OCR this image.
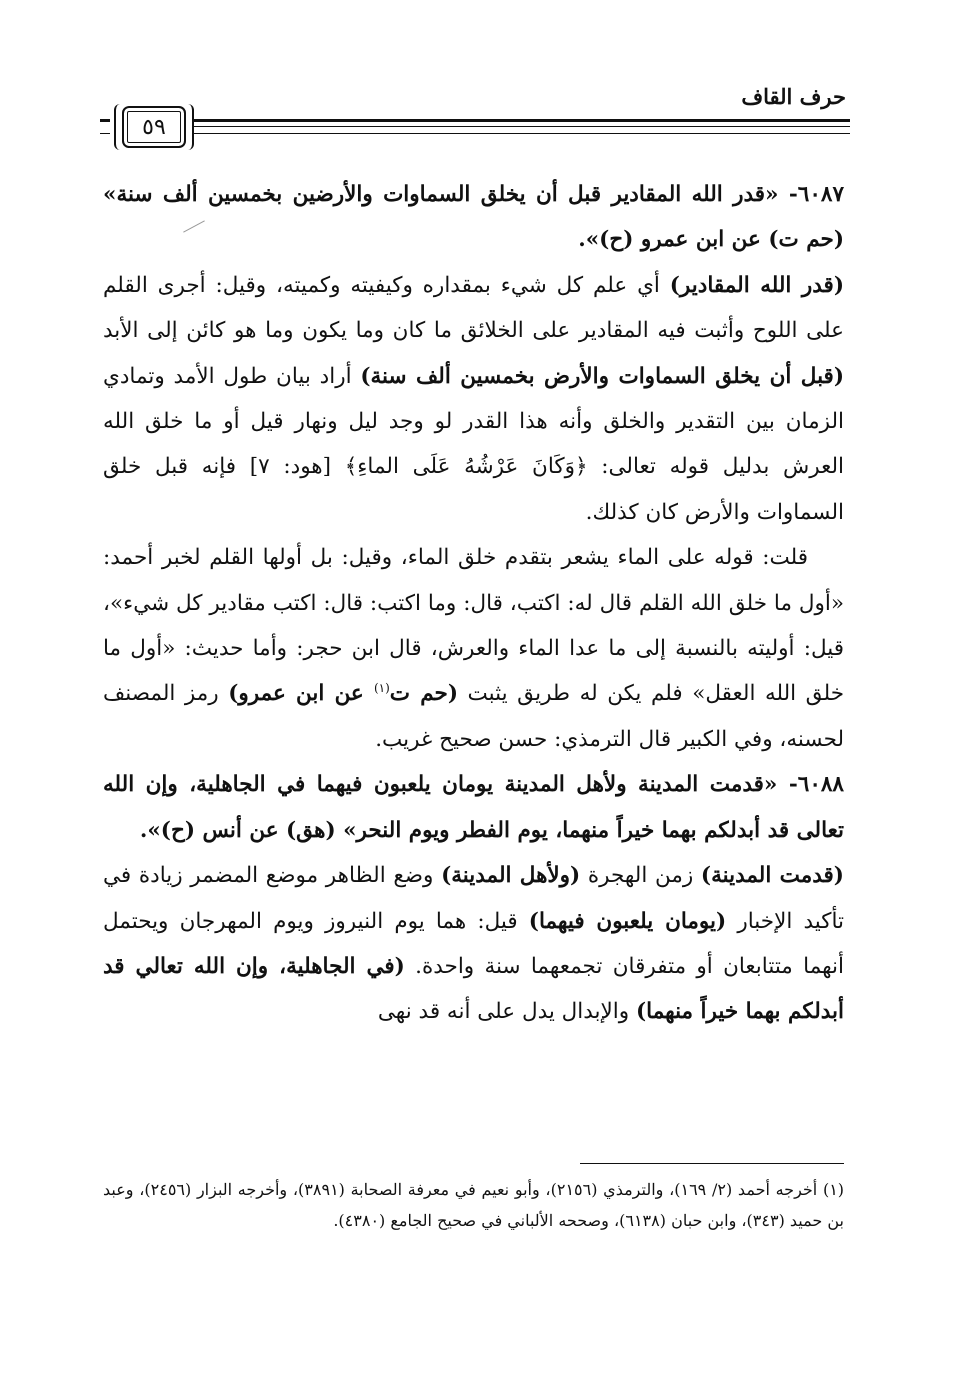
حرف القاف
٥٩

٦٠٨٧- «قدر الله المقادير قبل أن يخلق السماوات والأرضين بخمسين ألف سنة» (حم ت) عن ابن عمرو (ح)».

(قدر الله المقادير) أي علم كل شيء بمقداره وكيفيته وكميته، وقيل: أجرى القلم على اللوح وأثبت فيه المقادير على الخلائق ما كان وما يكون وما هو كائن إلى الأبد (قبل أن يخلق السماوات والأرض بخمسين ألف سنة) أراد بيان طول الأمد وتمادي الزمان بين التقدير والخلق وأنه هذا القدر لو وجد ليل ونهار قيل أو ما خلق الله العرش بدليل قوله تعالى: ﴿وَكَانَ عَرْشُهُ عَلَى الماءِ﴾ [هود: ٧] فإنه قبل خلق السماوات والأرض كان كذلك.

قلت: قوله على الماء يشعر بتقدم خلق الماء، وقيل: بل أولها القلم لخبر أحمد: «أول ما خلق الله القلم قال له: اكتب، قال: وما اكتب: قال: اكتب مقادير كل شيء»، قيل: أوليته بالنسبة إلى ما عدا الماء والعرش، قال ابن حجر: وأما حديث: «أول ما خلق الله العقل» فلم يكن له طريق يثبت (حم ت$^{(١)}$ عن ابن عمرو) رمز المصنف لحسنه، وفي الكبير قال الترمذي: حسن صحيح غريب.

٦٠٨٨- «قدمت المدينة ولأهل المدينة يومان يلعبون فيهما في الجاهلية، وإن الله تعالى قد أبدلكم بهما خيراً منهما، يوم الفطر ويوم النحر» (هق) عن أنس (ح)».

(قدمت المدينة) زمن الهجرة (ولأهل المدينة) وضع الظاهر موضع المضمر زيادة في تأكيد الإخبار (يومان يلعبون فيهما) قيل: هما يوم النيروز ويوم المهرجان ويحتمل أنهما متتابعان أو متفرقان تجمعهما سنة واحدة. (في الجاهلية، وإن الله تعالي قد أبدلكم بهما خيراً منهما) والإبدال يدل على أنه قد نهى

(١) أخرجه أحمد (٢/ ١٦٩)، والترمذي (٢١٥٦)، وأبو نعيم في معرفة الصحابة (٣٨٩١)، وأخرجه البزار (٢٤٥٦)، وعبد بن حميد (٣٤٣)، وابن حبان (٦١٣٨)، وصححه الألباني في صحيح الجامع (٤٣٨٠).
